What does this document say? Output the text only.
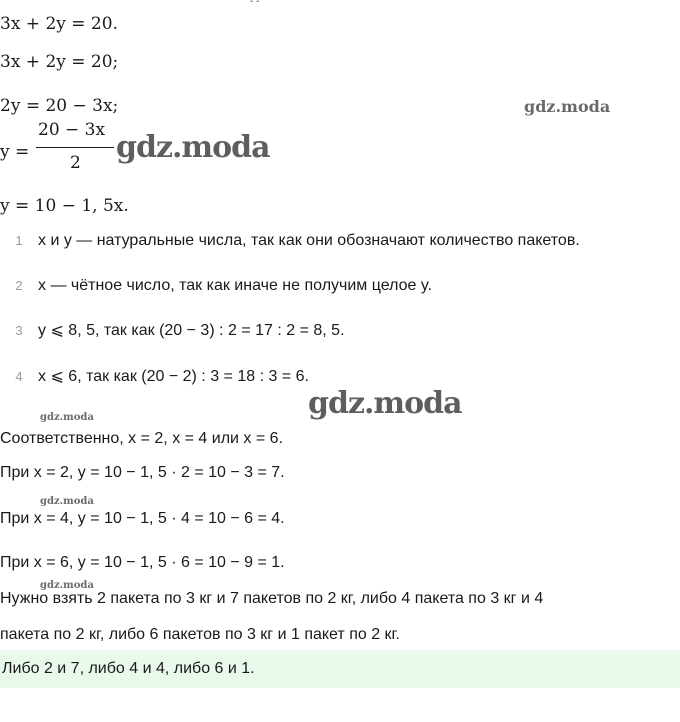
ˆ ˆ
3x + 2y = 20.
3x + 2y = 20;
2y = 20 − 3x;
y =
20 − 3x
2
y = 10 − 1, 5x.
1 x и y — натуральные числа, так как они обозначают количество пакетов.
2 x — чётное число, так как иначе не получим целое y.
3 y ⩽ 8, 5, так как (20 − 3) : 2 = 17 : 2 = 8, 5.
4 x ⩽ 6, так как (20 − 2) : 3 = 18 : 3 = 6.
Соответственно, x = 2, x = 4 или x = 6.
При x = 2, y = 10 − 1, 5 · 2 = 10 − 3 = 7.
При x = 4, y = 10 − 1, 5 · 4 = 10 − 6 = 4.
При x = 6, y = 10 − 1, 5 · 6 = 10 − 9 = 1.
Нужно взять 2 пакета по 3 кг и 7 пакетов по 2 кг, либо 4 пакета по 3 кг и 4
пакета по 2 кг, либо 6 пакетов по 3 кг и 1 пакет по 2 кг.
Либо 2 и 7, либо 4 и 4, либо 6 и 1.
gdz.moda
gdz.moda
gdz.moda
gdz.moda
gdz.moda
gdz.moda
